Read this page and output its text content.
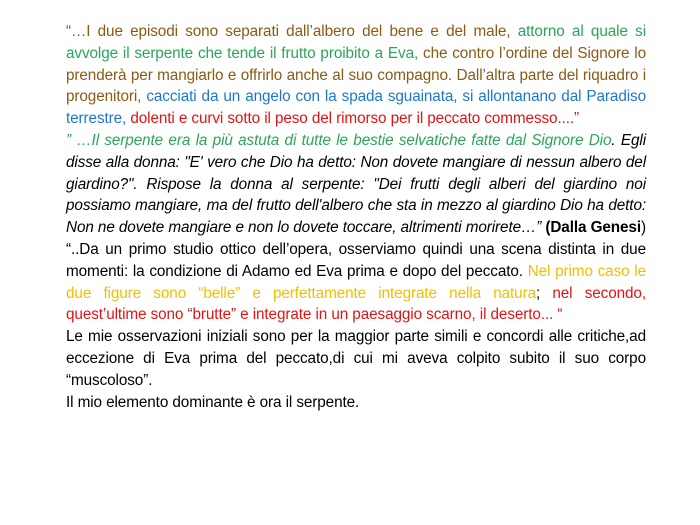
“…I due episodi sono separati dall’albero del bene e del male, attorno al quale si avvolge il serpente che tende il frutto proibito a Eva, che contro l’ordine del Signore lo prenderà per mangiarlo e offrirlo anche al suo compagno. Dall’altra parte del riquadro i progenitori, cacciati da un angelo con la spada sguainata, si allontanano dal Paradiso terrestre, dolenti e curvi sotto il peso del rimorso per il peccato commesso....”

” …Il serpente era la più astuta di tutte le bestie selvatiche fatte dal Signore Dio. Egli disse alla donna: "E' vero che Dio ha detto: Non dovete mangiare di nessun albero del giardino?". Rispose la donna al serpente: "Dei frutti degli alberi del giardino noi possiamo mangiare, ma del frutto dell'albero che sta in mezzo al giardino Dio ha detto: Non ne dovete mangiare e non lo dovete toccare, altrimenti morirete…” (Dalla Genesi)

“..Da un primo studio ottico dell’opera, osserviamo quindi una scena distinta in due momenti: la condizione di Adamo ed Eva prima e dopo del peccato. Nel primo caso le due figure sono “belle” e perfettamente integrate nella natura; nel secondo, quest’ultime sono “brutte” e integrate in un paesaggio scarno, il deserto... “

Le mie osservazioni iniziali sono per la maggior parte simili e concordi alle critiche,ad eccezione di Eva prima del peccato,di cui mi aveva colpito subito il suo corpo “muscoloso”.

Il mio elemento dominante è ora il serpente.
